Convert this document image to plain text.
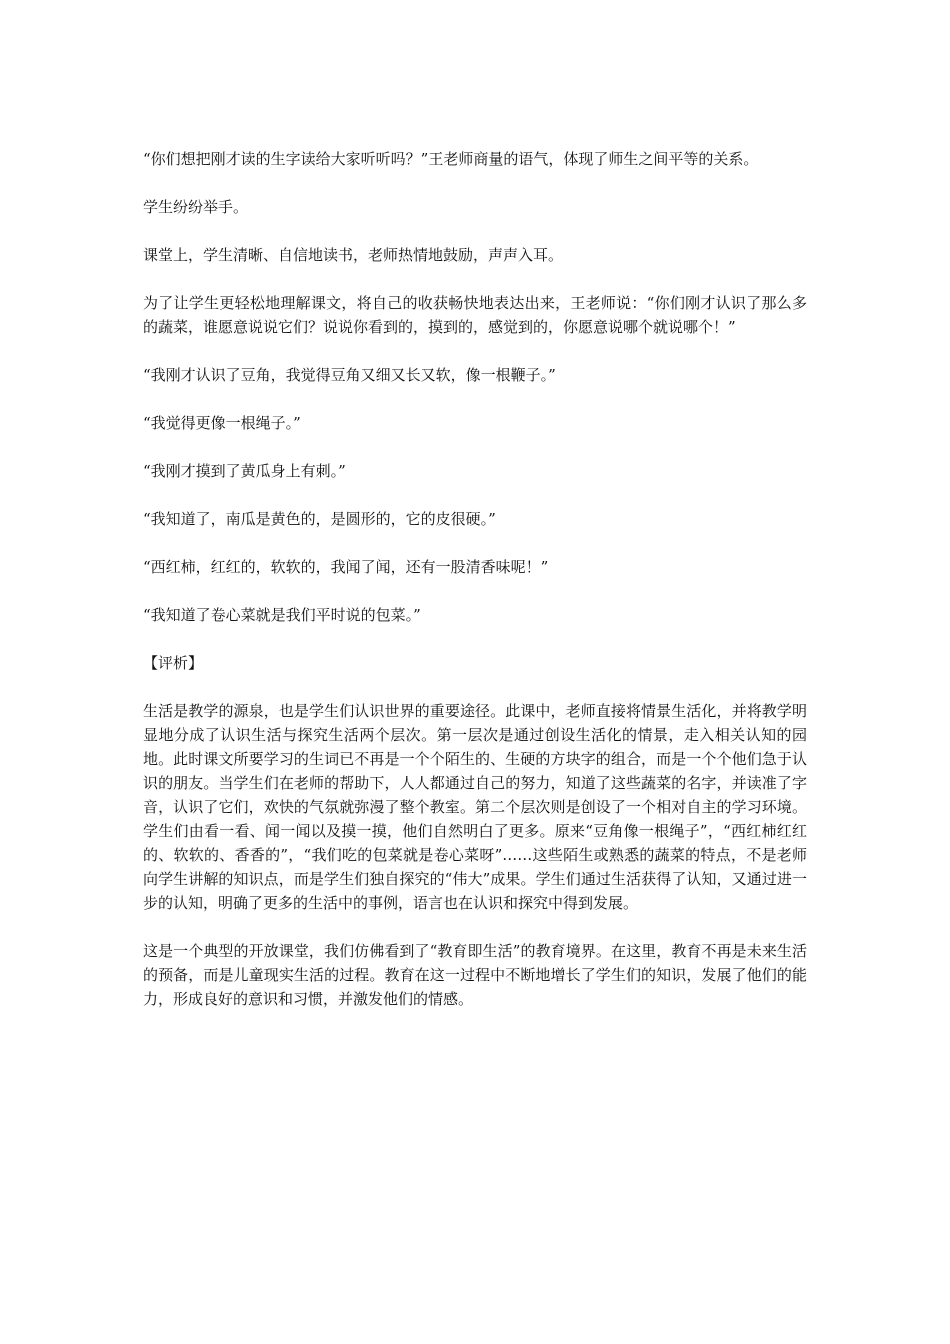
“你们想把刚才读的生字读给大家听听吗？”王老师商量的语气，体现了师生之间平等的关系。

学生纷纷举手。

课堂上，学生清晰、自信地读书，老师热情地鼓励，声声入耳。

为了让学生更轻松地理解课文，将自己的收获畅快地表达出来，王老师说：“你们刚才认识了那么多的蔬菜，谁愿意说说它们？说说你看到的，摸到的，感觉到的，你愿意说哪个就说哪个！”

“我刚才认识了豆角，我觉得豆角又细又长又软，像一根鞭子。”

“我觉得更像一根绳子。”

“我刚才摸到了黄瓜身上有刺。”

“我知道了，南瓜是黄色的，是圆形的，它的皮很硬。”

“西红柿，红红的，软软的，我闻了闻，还有一股清香味呢！”

“我知道了卷心菜就是我们平时说的包菜。”

【评析】

生活是教学的源泉，也是学生们认识世界的重要途径。此课中，老师直接将情景生活化，并将教学明显地分成了认识生活与探究生活两个层次。第一层次是通过创设生活化的情景，走入相关认知的园地。此时课文所要学习的生词已不再是一个个陌生的、生硬的方块字的组合，而是一个个他们急于认识的朋友。当学生们在老师的帮助下，人人都通过自己的努力，知道了这些蔬菜的名字，并读准了字音，认识了它们，欢快的气氛就弥漫了整个教室。第二个层次则是创设了一个相对自主的学习环境。学生们由看一看、闻一闻以及摸一摸，他们自然明白了更多。原来“豆角像一根绳子”，“西红柿红红的、软软的、香香的”，“我们吃的包菜就是卷心菜呀”……这些陌生或熟悉的蔬菜的特点，不是老师向学生讲解的知识点，而是学生们独自探究的“伟大”成果。学生们通过生活获得了认知，又通过进一步的认知，明确了更多的生活中的事例，语言也在认识和探究中得到发展。

这是一个典型的开放课堂，我们仿佛看到了“教育即生活”的教育境界。在这里，教育不再是未来生活的预备，而是儿童现实生活的过程。教育在这一过程中不断地增长了学生们的知识，发展了他们的能力，形成良好的意识和习惯，并激发他们的情感。
